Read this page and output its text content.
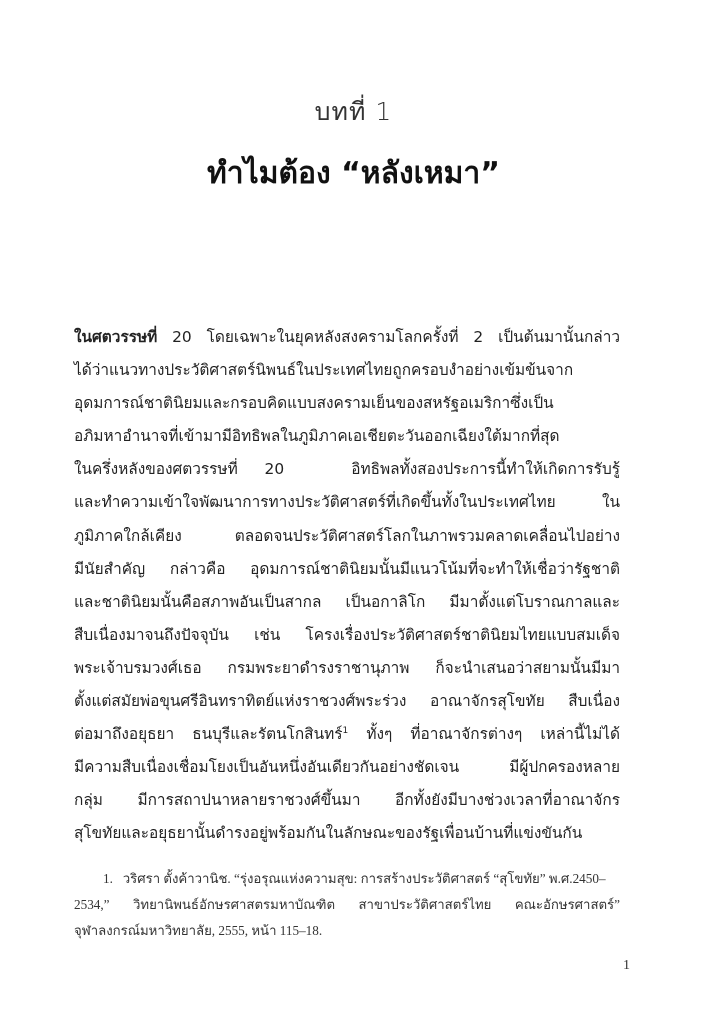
บทที่ 1
ทำไมต้อง “หลังเหมา”
ในศตวรรษที่ 20 โดยเฉพาะในยุคหลังสงครามโลกครั้งที่ 2 เป็นต้นมานั้นกล่าว
ได้ว่าแนวทางประวัติศาสตร์นิพนธ์ในประเทศไทยถูกครอบงำอย่างเข้มข้นจาก
อุดมการณ์ชาตินิยมและกรอบคิดแบบสงครามเย็นของสหรัฐอเมริกาซึ่งเป็น
อภิมหาอำนาจที่เข้ามามีอิทธิพลในภูมิภาคเอเชียตะวันออกเฉียงใต้มากที่สุด
ในครึ่งหลังของศตวรรษที่  20     อิทธิพลทั้งสองประการนี้ทำให้เกิดการรับรู้
และทำความเข้าใจพัฒนาการทางประวัติศาสตร์ที่เกิดขึ้นทั้งในประเทศไทย ใน
ภูมิภาคใกล้เคียง ตลอดจนประวัติศาสตร์โลกในภาพรวมคลาดเคลื่อนไปอย่าง
มีนัยสำคัญ กล่าวคือ อุดมการณ์ชาตินิยมนั้นมีแนวโน้มที่จะทำให้เชื่อว่ารัฐชาติ
และชาตินิยมนั้นคือสภาพอันเป็นสากล เป็นอกาลิโก มีมาตั้งแต่โบราณกาลและ
สืบเนื่องมาจนถึงปัจจุบัน เช่น โครงเรื่องประวัติศาสตร์ชาตินิยมไทยแบบสมเด็จ
พระเจ้าบรมวงศ์เธอ กรมพระยาดำรงราชานุภาพ ก็จะนำเสนอว่าสยามนั้นมีมา
ตั้งแต่สมัยพ่อขุนศรีอินทราทิตย์แห่งราชวงศ์พระร่วง อาณาจักรสุโขทัย สืบเนื่อง
ต่อมาถึงอยุธยา ธนบุรีและรัตนโกสินทร์$^1$ ทั้งๆ ที่อาณาจักรต่างๆ เหล่านี้ไม่ได้
มีความสืบเนื่องเชื่อมโยงเป็นอันหนึ่งอันเดียวกันอย่างชัดเจน มีผู้ปกครองหลาย
กลุ่ม มีการสถาปนาหลายราชวงศ์ขึ้นมา อีกทั้งยังมีบางช่วงเวลาที่อาณาจักร
สุโขทัยและอยุธยานั้นดำรงอยู่พร้อมกันในลักษณะของรัฐเพื่อนบ้านที่แข่งขันกัน
1.   วริศรา ตั้งค้าวานิช. “รุ่งอรุณแห่งความสุข: การสร้างประวัติศาสตร์ “สุโขทัย” พ.ศ.2450–
2534,” วิทยานิพนธ์อักษรศาสตรมหาบัณฑิต สาขาประวัติศาสตร์ไทย คณะอักษรศาสตร์”
จุฬาลงกรณ์มหาวิทยาลัย, 2555, หน้า 115–18.
1
